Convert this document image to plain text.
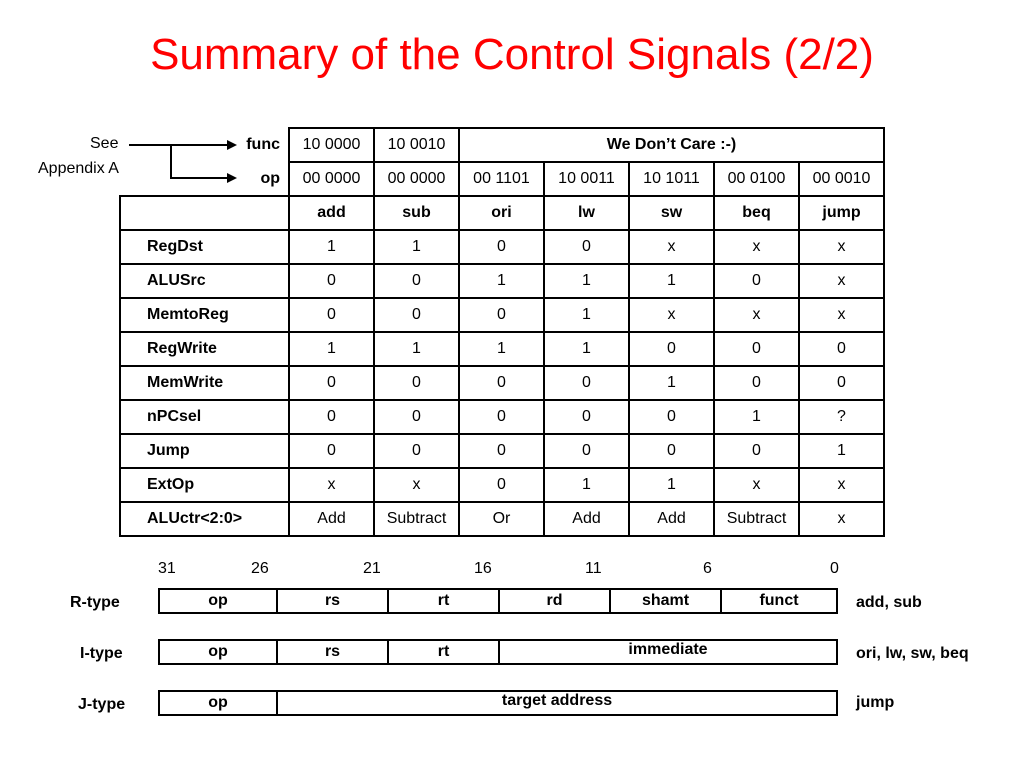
Summary of the Control Signals (2/2)
See
Appendix A
func	10 0000	10 0010	We Don’t Care :-)				
op	00 0000	00 0000	00 1101	10 0011	10 1011	00 0100	00 0010
	add	sub	ori	lw	sw	beq	jump
RegDst	1	1	0	0	x	x	x
ALUSrc	0	0	1	1	1	0	x
MemtoReg	0	0	0	1	x	x	x
RegWrite	1	1	1	1	0	0	0
MemWrite	0	0	0	0	1	0	0
nPCsel	0	0	0	0	0	1	?
Jump	0	0	0	0	0	0	1
ExtOp	x	x	0	1	1	x	x
ALUctr<2:0>	Add	Subtract	Or	Add	Add	Subtract	x
31	26	21	16	11	6	0
R-type	op	rs	rt	rd	shamt	funct	add, sub
I-type	op	rs	rt	immediate	ori, lw, sw, beq
J-type	op	target address	jump
